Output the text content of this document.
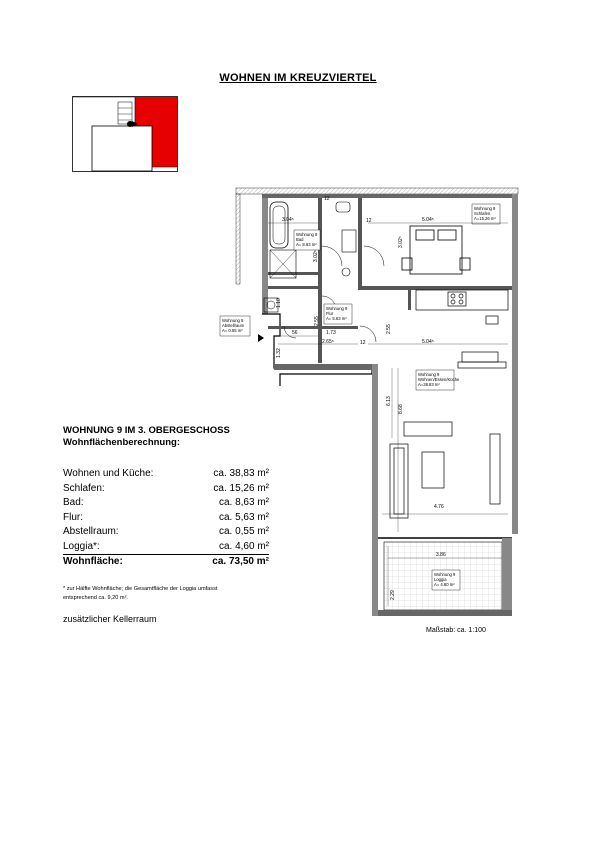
WOHNEN IM KREUZVIERTEL
Wohnung 9
Bad
A= 8.63 m²
Wohnung 9
Schlafen
A=15.26 m²
Wohnung 9
Flur
A= 5.63 m²
Wohnung 9
Abstellraum
A= 0.55 m²
Wohnung 9
Wohnen/Essen/Küche
A=38.83 m²
Wohnung 9
Loggia
A= 4.60 m²
3.04⁵	5.04⁵
5.04⁵
12
12
12
1.73
2.65⁵
56
4.76
3.86
3.02⁵
3.02⁵
2.55
2.55
1.32
1.10
6.13
8.68
2.29
WOHNUNG 9 IM 3. OBERGESCHOSS
Wohnflächenberechnung:
Wohnen und Küche:	ca. 38,83 m²
Schlafen:	ca. 15,26 m²
Bad:	ca. 8,63 m²
Flur:	ca. 5,63 m²
Abstellraum:	ca. 0,55 m²
Loggia*:	ca. 4,60 m²
Wohnfläche:	ca. 73,50 m²
* zur Hälfte Wohnfläche; die Gesamtfläche der Loggia umfasst
entsprechend ca. 9,20 m².
zusätzlicher Kellerraum
Maßstab: ca. 1:100
